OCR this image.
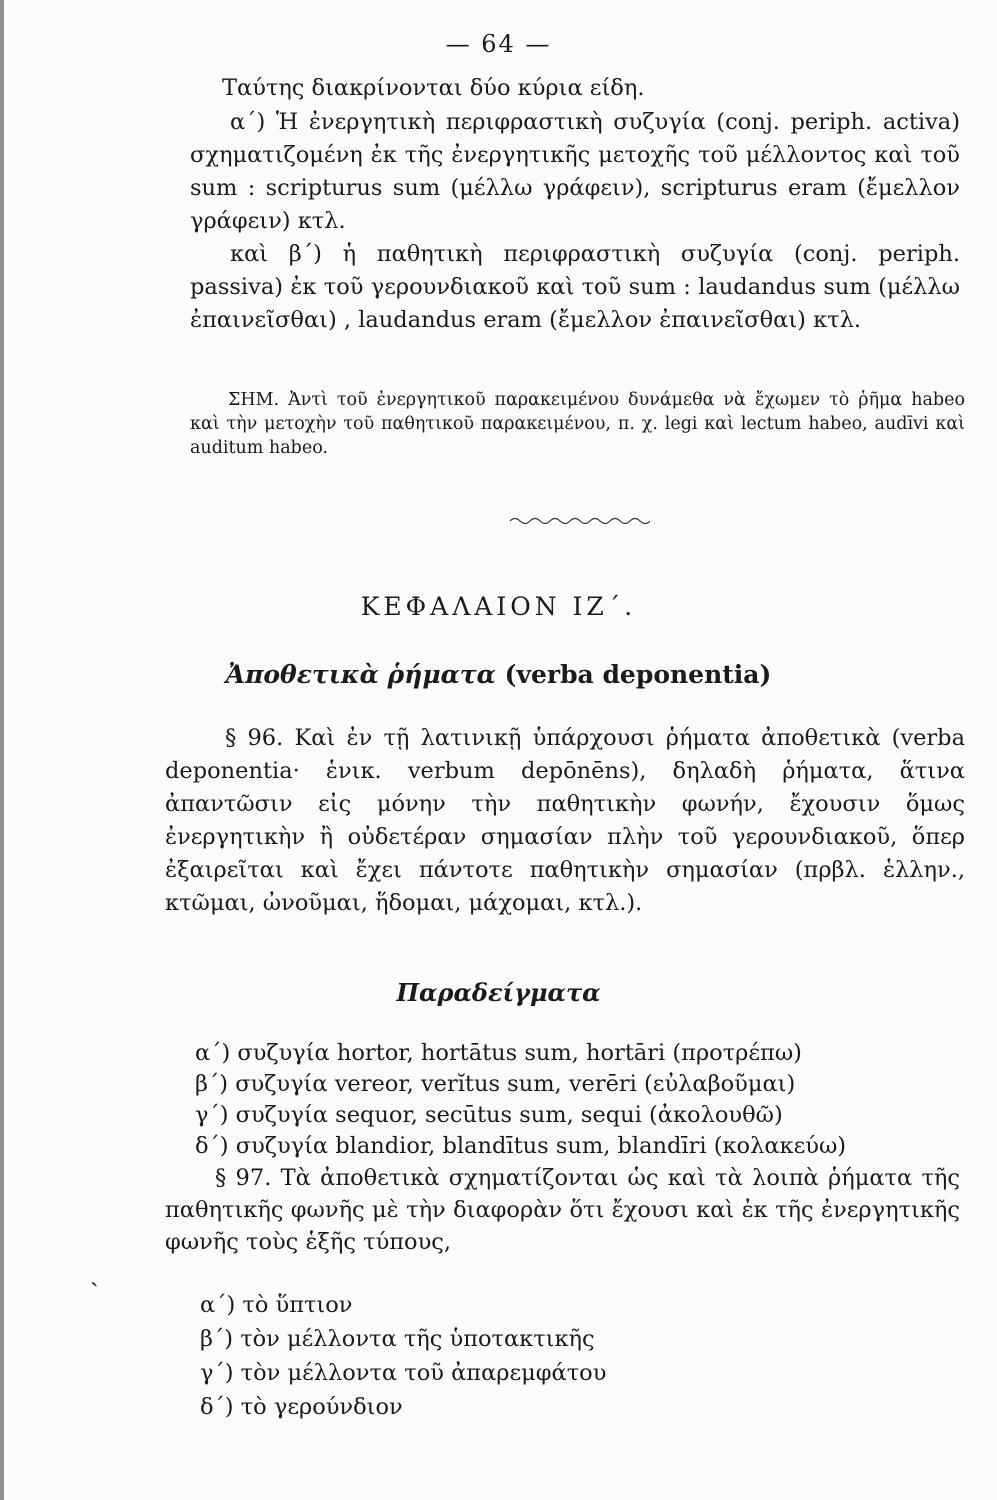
— 64 —
Ταύτης διακρίνονται δύο κύρια είδη.
α΄) Ἡ ἐνεργητικὴ περιφραστικὴ συζυγία (conj. periph. activa) σχηματιζομένη ἐκ τῆς ἐνεργητικῆς μετοχῆς τοῦ μέλλοντος καὶ τοῦ sum : scripturus sum (μέλλω γράφειν), scripturus eram (ἔμελλον γράφειν) κτλ.
καὶ β΄) ἡ παθητικὴ περιφραστικὴ συζυγία (conj. periph. passiva) ἐκ τοῦ γερουνδιακοῦ καὶ τοῦ sum : laudandus sum (μέλλω ἐπαινεῖσθαι) , laudandus eram (ἔμελλον ἐπαινεῖσθαι) κτλ.
ΣΗΜ. Ἀντὶ τοῦ ἐνεργητικοῦ παρακειμένου δυνάμεθα νὰ ἔχωμεν τὸ ῥῆμα habeo καὶ τὴν μετοχὴν τοῦ παθητικοῦ παρακειμένου, π. χ. legi καὶ lectum habeo, audīvi καὶ auditum habeo.
ΚΕΦΑΛΑΙΟΝ ΙΖ΄.
Ἀποθετικὰ ῥήματα (verba deponentia)
§ 96. Καὶ ἐν τῇ λατινικῇ ὑπάρχουσι ῥήματα ἀποθετικὰ (verba deponentia· ἑνικ. verbum depōnēns), δηλαδὴ ῥήματα, ἅτινα ἀπαντῶσιν εἰς μόνην τὴν παθητικὴν φωνήν, ἔχουσιν ὅμως ἐνεργητικὴν ἢ οὐδετέραν σημασίαν πλὴν τοῦ γερουνδιακοῦ, ὅπερ ἐξαιρεῖται καὶ ἔχει πάντοτε παθητικὴν σημασίαν (πρβλ. ἑλλην., κτῶμαι, ὠνοῦμαι, ἥδομαι, μάχομαι, κτλ.).
Παραδείγματα
α΄) συζυγία hortor, hortātus sum, hortāri (προτρέπω)
β΄) συζυγία vereor, verĭtus sum, verēri (εὐλαβοῦμαι)
γ΄) συζυγία sequor, secūtus sum, sequi (ἀκολουθῶ)
δ΄) συζυγία blandior, blandītus sum, blandīri (κολακεύω)
§ 97. Τὰ ἀποθετικὰ σχηματίζονται ὡς καὶ τὰ λοιπὰ ῥήματα τῆς παθητικῆς φωνῆς μὲ τὴν διαφορὰν ὅτι ἔχουσι καὶ ἐκ τῆς ἐνεργητικῆς φωνῆς τοὺς ἑξῆς τύπους,
ˎ
α΄) τὸ ὕπτιον
β΄) τὸν μέλλοντα τῆς ὑποτακτικῆς
γ΄) τὸν μέλλοντα τοῦ ἀπαρεμφάτου
δ΄) τὸ γερούνδιον
